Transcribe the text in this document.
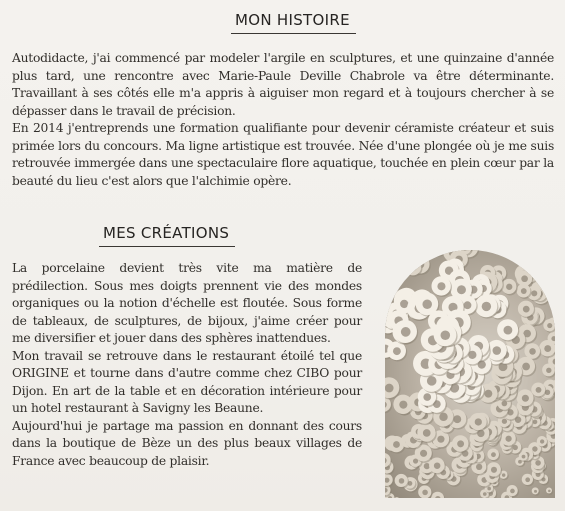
MON HISTOIRE

Autodidacte, j'ai commencé par modeler l'argile en sculptures, et une quinzaine d'année plus tard, une rencontre avec Marie-Paule Deville Chabrole va être déterminante. Travaillant à ses côtés elle m'a appris à aiguiser mon regard et à toujours chercher à se dépasser dans le travail de précision.

En 2014 j'entreprends une formation qualifiante pour devenir céramiste créateur et suis primée lors du concours. Ma ligne artistique est trouvée. Née d'une plongée où je me suis retrouvée immergée dans une spectaculaire flore aquatique, touchée en plein cœur par la beauté du lieu c'est alors que l'alchimie opère.

MES CRÉATIONS

La porcelaine devient très vite ma matière de prédilection. Sous mes doigts prennent vie des mondes organiques ou la notion d'échelle est floutée. Sous forme de tableaux, de sculptures, de bijoux, j'aime créer pour me diversifier et jouer dans des sphères inattendues.

Mon travail se retrouve dans le restaurant étoilé tel que ORIGINE et tourne dans d'autre comme chez CIBO pour Dijon. En art de la table et en décoration intérieure pour un hotel restaurant à Savigny les Beaune.

Aujourd'hui je partage ma passion en donnant des cours dans la boutique de Bèze un des plus beaux villages de France avec beaucoup de plaisir.
